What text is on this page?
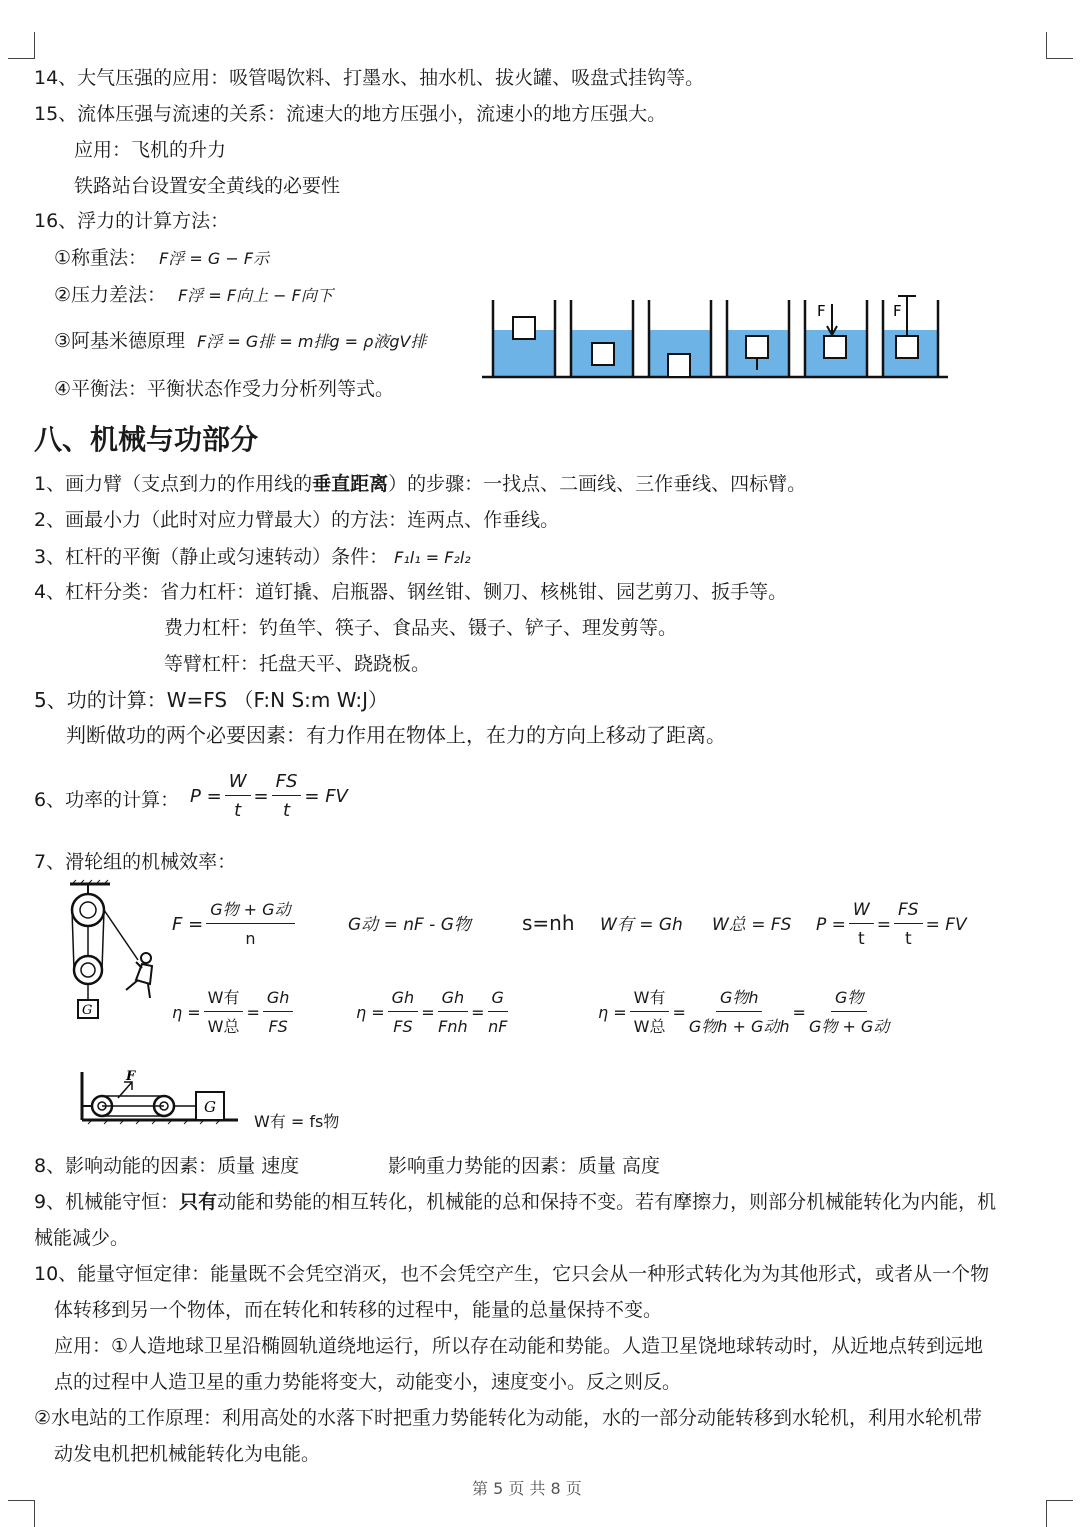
14、大气压强的应用：吸管喝饮料、打墨水、抽水机、拔火罐、吸盘式挂钩等。
15、流体压强与流速的关系：流速大的地方压强小，流速小的地方压强大。
应用：飞机的升力
铁路站台设置安全黄线的必要性
16、浮力的计算方法：
①称重法： F浮 = G − F示
②压力差法： F浮 = F向上 − F向下
③阿基米德原理 F浮 = G排 = m排g = ρ液gV排
④平衡法：平衡状态作受力分析列等式。
F	F
八、机械与功部分
1、画力臂（支点到力的作用线的垂直距离）的步骤：一找点、二画线、三作垂线、四标臂。
2、画最小力（此时对应力臂最大）的方法：连两点、作垂线。
3、杠杆的平衡（静止或匀速转动）条件： F₁l₁ = F₂l₂
4、杠杆分类：省力杠杆：道钉撬、启瓶器、钢丝钳、铡刀、核桃钳、园艺剪刀、扳手等。
费力杠杆：钓鱼竿、筷子、食品夹、镊子、铲子、理发剪等。
等臂杠杆：托盘天平、跷跷板。
5、功的计算：W=FS （F:N S:m W:J）
判断做功的两个必要因素：有力作用在物体上，在力的方向上移动了距离。
6、功率的计算： P
= $\frac{W}{t} = \frac{FS}{t}$ =
FV
7、滑轮组的机械效率：
G
F
=
G物 + G动
n
G动 = nF - G物	s=nh W有 = Gh W总 = FS P
= $\frac{W}{t} = \frac{FS}{t}$ =
FV
η
=
W有
W总
= $\frac{Gh}{FS}$	η
= $\frac{Gh}{FS}$ =
Gh
Fnh
= $\frac{G}{nF}$	η
=
W有
W总
=
G物h
G物h + G动h
=
G物
G物 + G动
G
F
W有 = fs物
8、影响动能的因素：质量 速度	影响重力势能的因素：质量 高度
9、机械能守恒：只有动能和势能的相互转化，机械能的总和保持不变。若有摩擦力，则部分机械能转化为内能，机
械能减少。
10、能量守恒定律：能量既不会凭空消灭，也不会凭空产生，它只会从一种形式转化为为其他形式，或者从一个物
体转移到另一个物体，而在转化和转移的过程中，能量的总量保持不变。
应用：①人造地球卫星沿椭圆轨道绕地运行，所以存在动能和势能。人造卫星饶地球转动时，从近地点转到远地
点的过程中人造卫星的重力势能将变大，动能变小，速度变小。反之则反。
②水电站的工作原理：利用高处的水落下时把重力势能转化为动能，水的一部分动能转移到水轮机，利用水轮机带
动发电机把机械能转化为电能。
第 5 页 共 8 页
